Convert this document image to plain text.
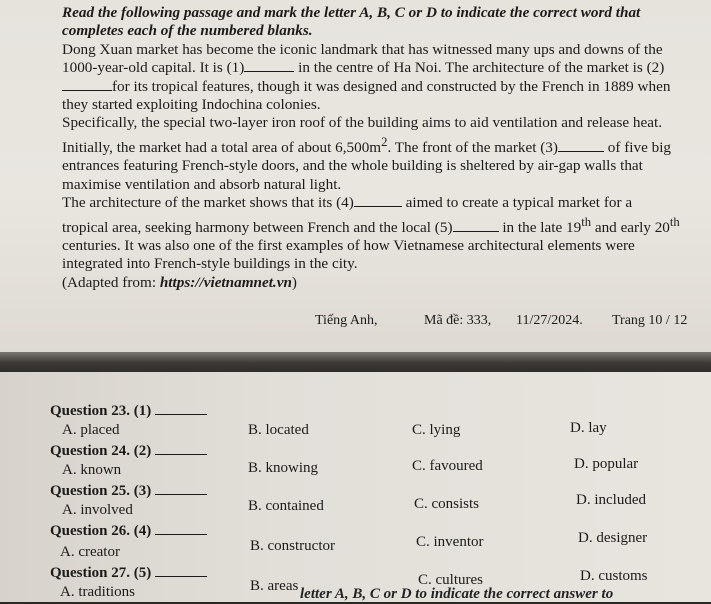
Read the following passage and mark the letter A, B, C or D to indicate the correct word that completes each of the numbered blanks.

Dong Xuan market has become the iconic landmark that has witnessed many ups and downs of the 1000-year-old capital. It is (1)	in the centre of Ha Noi. The architecture of the market is (2)for its tropical features, though it was designed and constructed by the French in 1889 when they started exploiting Indochina colonies.

Specifically, the special two-layer iron roof of the building aims to aid ventilation and release heat. Initially, the market had a total area of about $6,500m^2$. The front of the market (3)	of five big entrances featuring French-style doors, and the whole building is sheltered by air-gap walls that maximise ventilation and absorb natural light.

The architecture of the market shows that its (4)	aimed to create a typical market for a tropical area, seeking harmony between French and the local (5)	in the late 19th and early 20th centuries. It was also one of the first examples of how Vietnamese architectural elements were integrated into French-style buildings in the city.

(Adapted from: https://vietnamnet.vn)

Tiếng Anh,	Mã đề: 333, 11/27/2024. Trang 10 / 12
Question 23. (1)
A. placed	B. located	C. lying	D. lay
Question 24. (2)
A. known	B. knowing	C. favoured	D. popular
Question 25. (3)
A. involved	B. contained	C. consists	D. included
Question 26. (4)
A. creator	B. constructor	C. inventor	D. designer
Question 27. (5)
A. traditions	B. areas	C. cultures	D. customs
letter A, B, C or D to indicate the correct answer to
